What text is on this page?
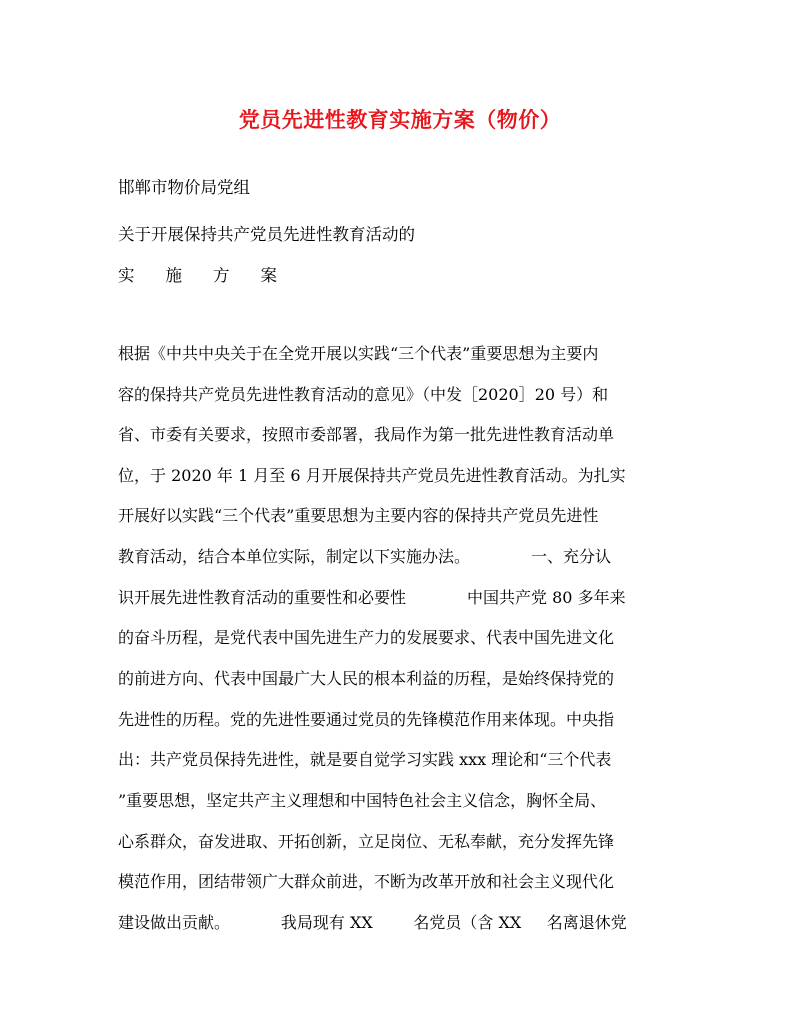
党员先进性教育实施方案（物价）
邯郸市物价局党组
关于开展保持共产党员先进性教育活动的
实施方案
根据《中共中央关于在全党开展以实践“三个代表”重要思想为主要内
容的保持共产党员先进性教育活动的意见》（中发［2020］20 号）和
省、市委有关要求，按照市委部署，我局作为第一批先进性教育活动单
位，于 2020 年 1 月至 6 月开展保持共产党员先进性教育活动。为扎实
开展好以实践“三个代表”重要思想为主要内容的保持共产党员先进性
教育活动，结合本单位实际，制定以下实施办法。            一、充分认
识开展先进性教育活动的重要性和必要性            中国共产党 80 多年来
的奋斗历程，是党代表中国先进生产力的发展要求、代表中国先进文化
的前进方向、代表中国最广大人民的根本利益的历程，是始终保持党的
先进性的历程。党的先进性要通过党员的先锋模范作用来体现。中央指
出：共产党员保持先进性，就是要自觉学习实践 xxx 理论和“三个代表
”重要思想，坚定共产主义理想和中国特色社会主义信念，胸怀全局、
心系群众，奋发进取、开拓创新，立足岗位、无私奉献，充分发挥先锋
模范作用，团结带领广大群众前进，不断为改革开放和社会主义现代化
建设做出贡献。          我局现有 XX        名党员（含 XX     名离退休党
